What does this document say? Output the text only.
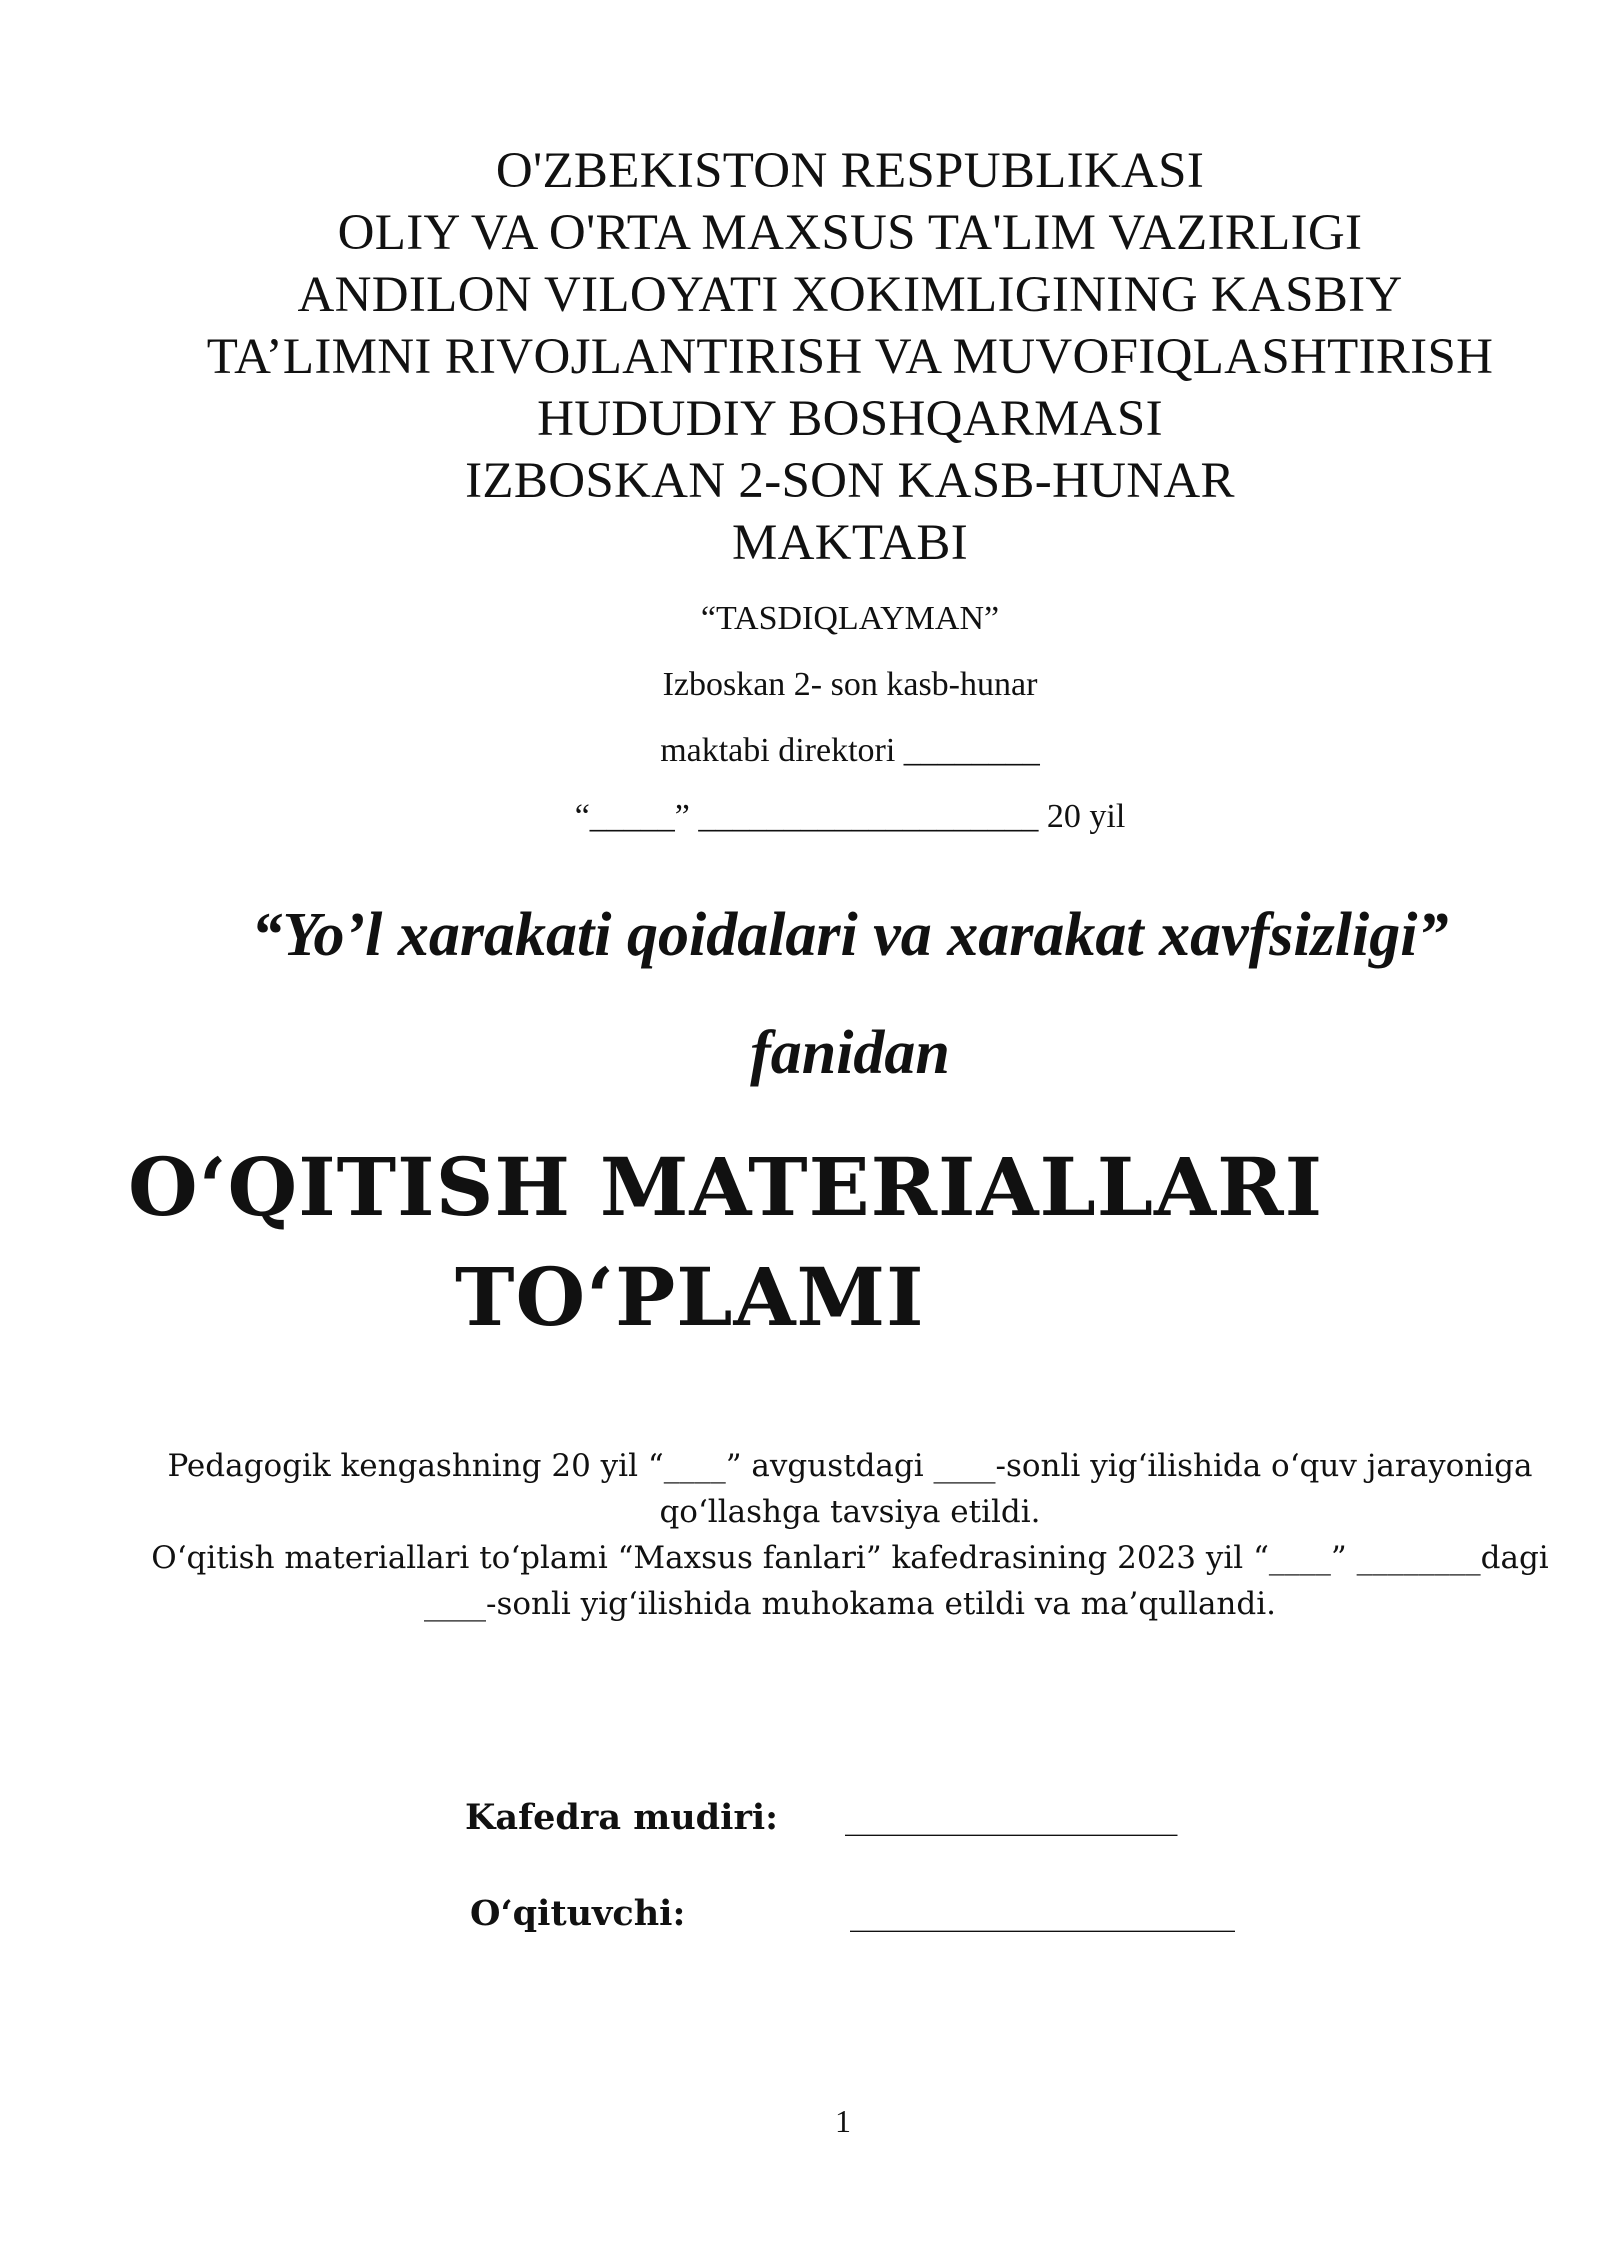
O'ZBEKISTON RESPUBLIKASI
OLIY VA O'RTA MAXSUS TA'LIM VAZIRLIGI
ANDILON VILOYATI XOKIMLIGINING KASBIY
TA’LIMNI RIVOJLANTIRISH VA MUVOFIQLASHTIRISH
HUDUDIY BOSHQARMASI
IZBOSKAN 2-SON KASB-HUNAR
MAKTABI
“TASDIQLAYMAN”
Izboskan 2- son kasb-hunar
maktabi direktori ________
“_____” ____________________ 20 yil
“Yo’l xarakati qoidalari va xarakat xavfsizligi”
fanidan
O‘QITISH MATERIALLARI
TO‘PLAMI
Pedagogik kengashning 20 yil “____” avgustdagi ____-sonli yig‘ilishida o‘quv jarayoniga
qo‘llashga tavsiya etildi.
O‘qitish materiallari to‘plami “Maxsus fanlari” kafedrasining 2023 yil “____” ________dagi
____-sonli yig‘ilishida muhokama etildi va ma’qullandi.
Kafedra mudiri: ___________________
O‘qituvchi:	______________________
1
